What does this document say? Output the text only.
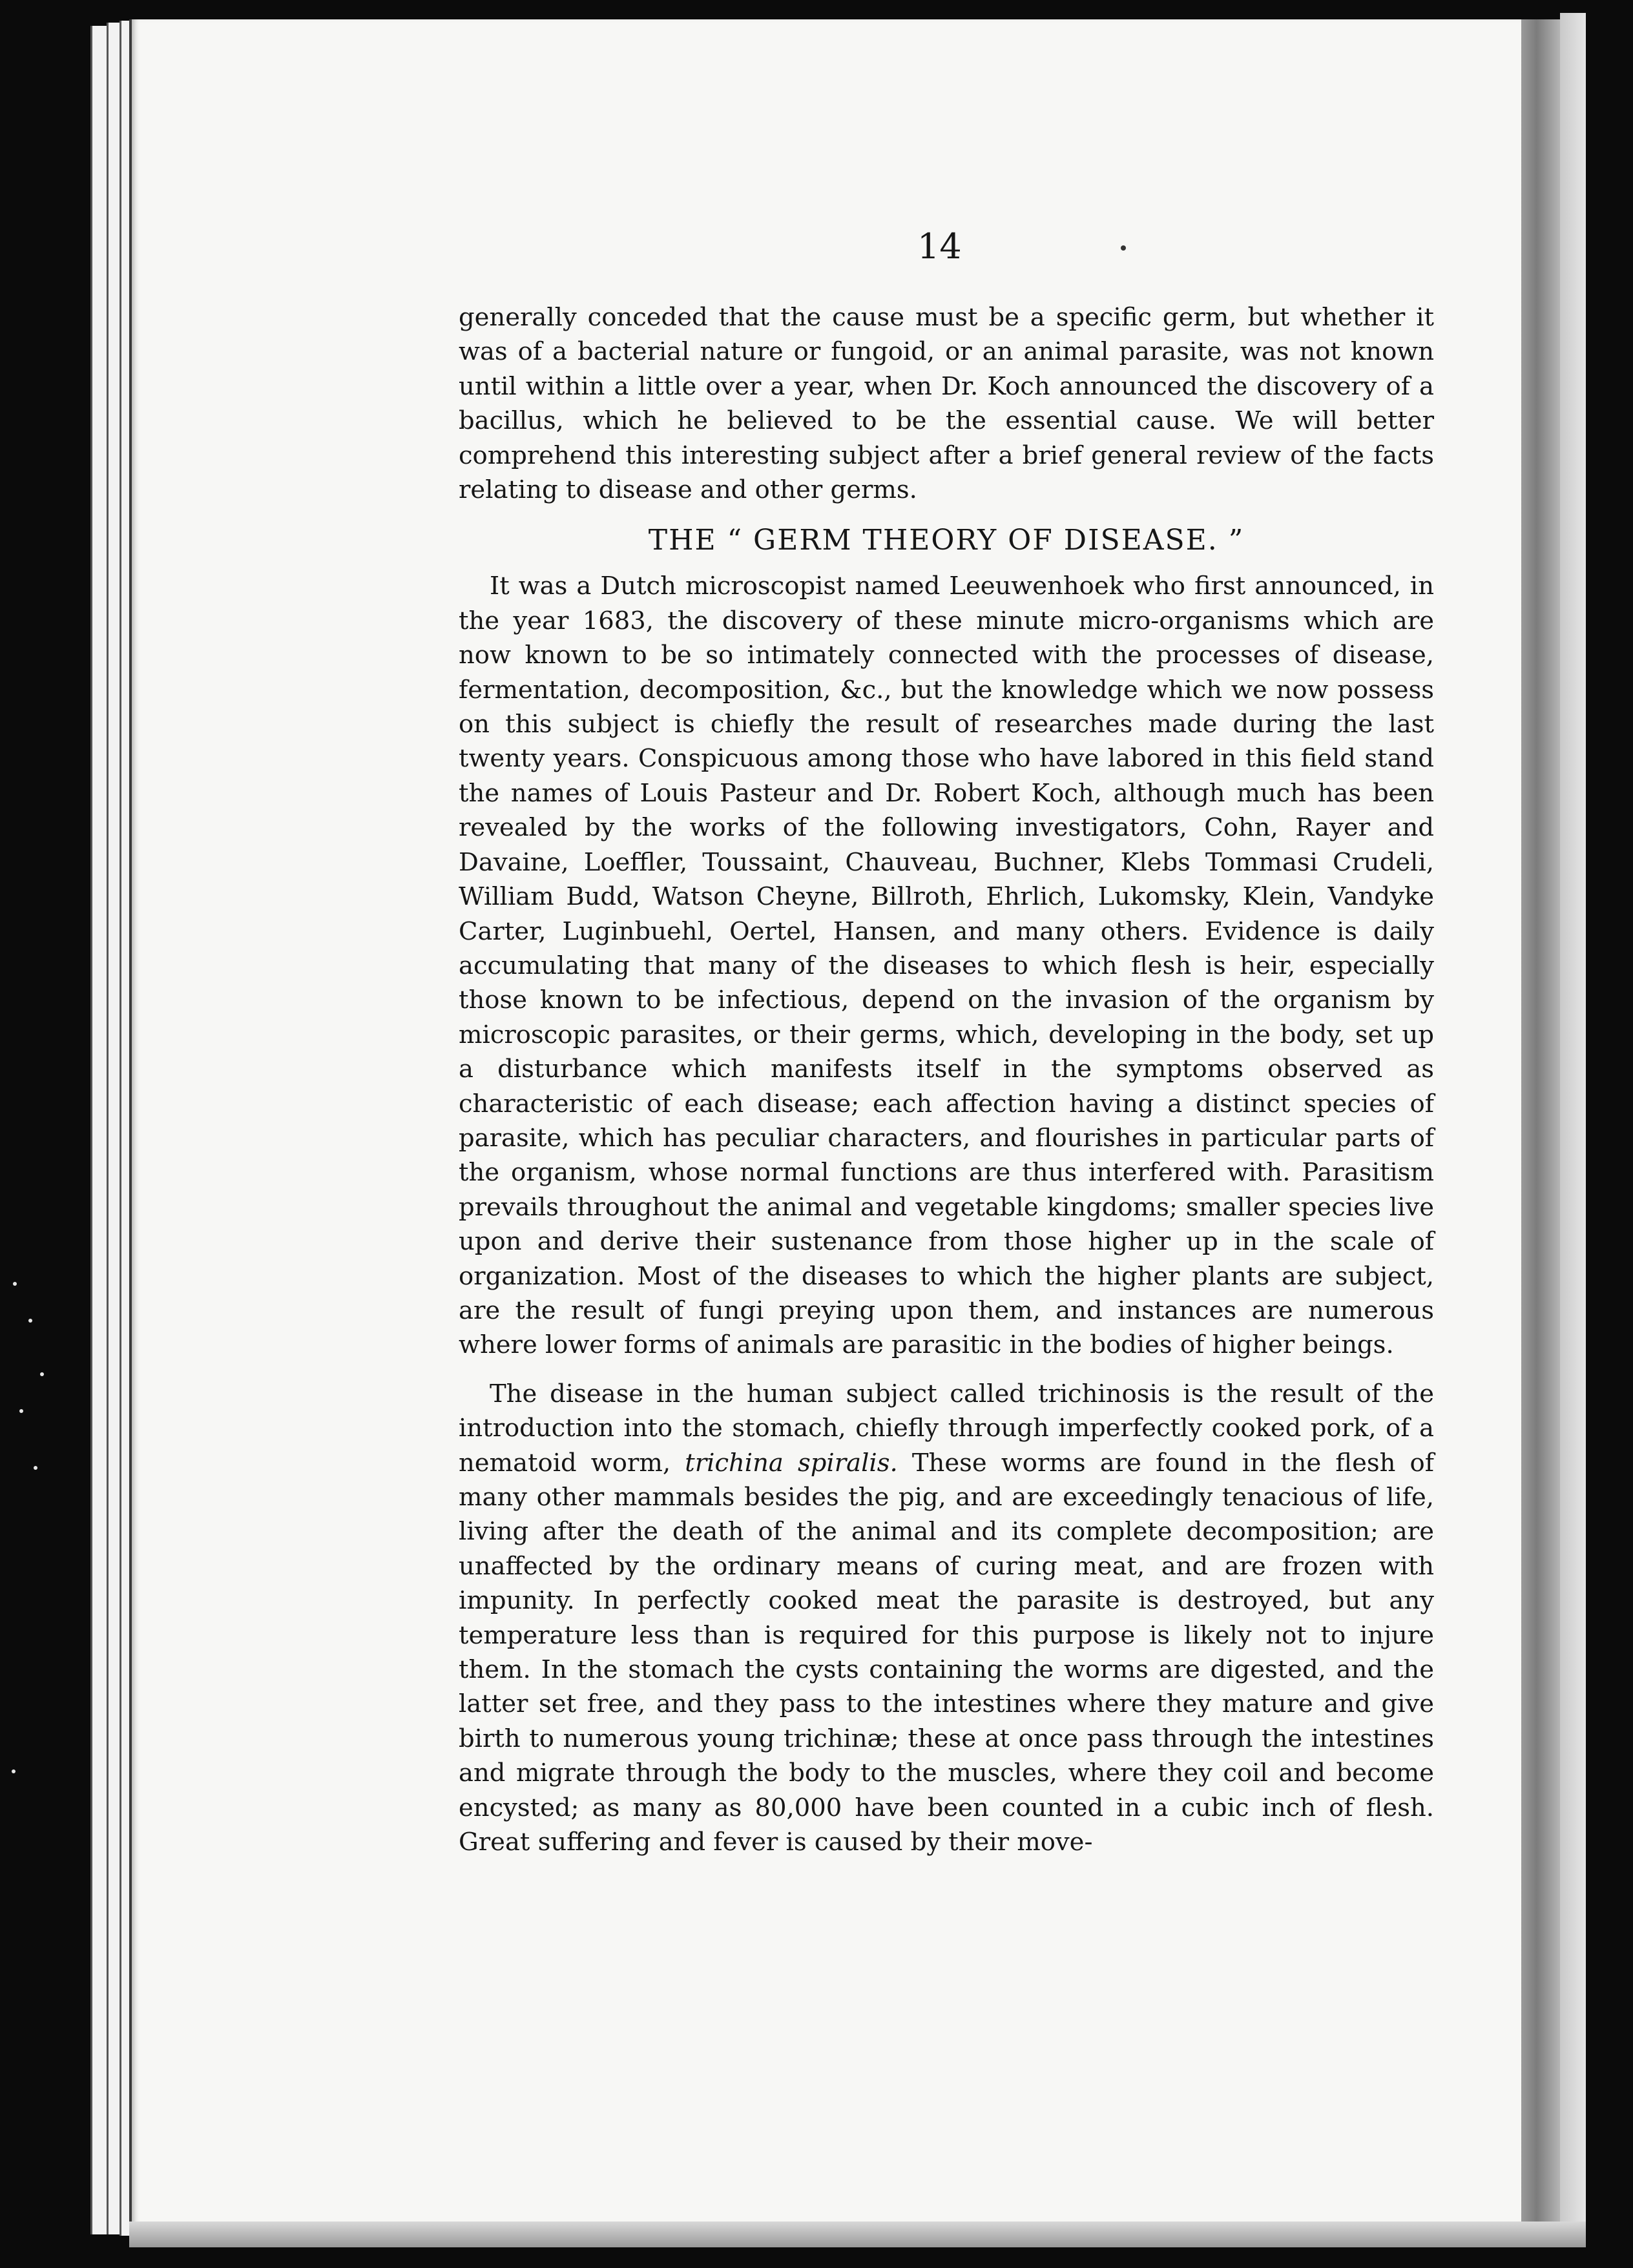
14

generally conceded that the cause must be a specific germ, but whether it was of a bacterial nature or fungoid, or an animal parasite, was not known until within a little over a year, when Dr. Koch announced the discovery of a bacillus, which he believed to be the essential cause. We will better comprehend this interesting subject after a brief general review of the facts relating to disease and other germs.

THE “ GERM THEORY OF DISEASE. ”

It was a Dutch microscopist named Leeuwenhoek who first announced, in the year 1683, the discovery of these minute micro-organisms which are now known to be so intimately connected with the processes of disease, fermentation, decomposition, &c., but the knowledge which we now possess on this subject is chiefly the result of researches made during the last twenty years. Conspicuous among those who have labored in this field stand the names of Louis Pasteur and Dr. Robert Koch, although much has been revealed by the works of the following investigators, Cohn, Rayer and Davaine, Loeffler, Toussaint, Chauveau, Buchner, Klebs Tommasi Crudeli, William Budd, Watson Cheyne, Billroth, Ehrlich, Lukomsky, Klein, Vandyke Carter, Luginbuehl, Oertel, Hansen, and many others. Evidence is daily accumulating that many of the diseases to which flesh is heir, especially those known to be infectious, depend on the invasion of the organism by microscopic parasites, or their germs, which, developing in the body, set up a disturbance which manifests itself in the symptoms observed as characteristic of each disease; each affection having a distinct species of parasite, which has peculiar characters, and flourishes in particular parts of the organism, whose normal functions are thus interfered with. Parasitism prevails throughout the animal and vegetable kingdoms; smaller species live upon and derive their sustenance from those higher up in the scale of organization. Most of the diseases to which the higher plants are subject, are the result of fungi preying upon them, and instances are numerous where lower forms of animals are parasitic in the bodies of higher beings.

The disease in the human subject called trichinosis is the result of the introduction into the stomach, chiefly through imperfectly cooked pork, of a nematoid worm, trichina spiralis. These worms are found in the flesh of many other mammals besides the pig, and are exceedingly tenacious of life, living after the death of the animal and its complete decomposition; are unaffected by the ordinary means of curing meat, and are frozen with impunity. In perfectly cooked meat the parasite is destroyed, but any temperature less than is required for this purpose is likely not to injure them. In the stomach the cysts containing the worms are digested, and the latter set free, and they pass to the intestines where they mature and give birth to numerous young trichinæ; these at once pass through the intestines and migrate through the body to the muscles, where they coil and become encysted; as many as 80,000 have been counted in a cubic inch of flesh. Great suffering and fever is caused by their move-
